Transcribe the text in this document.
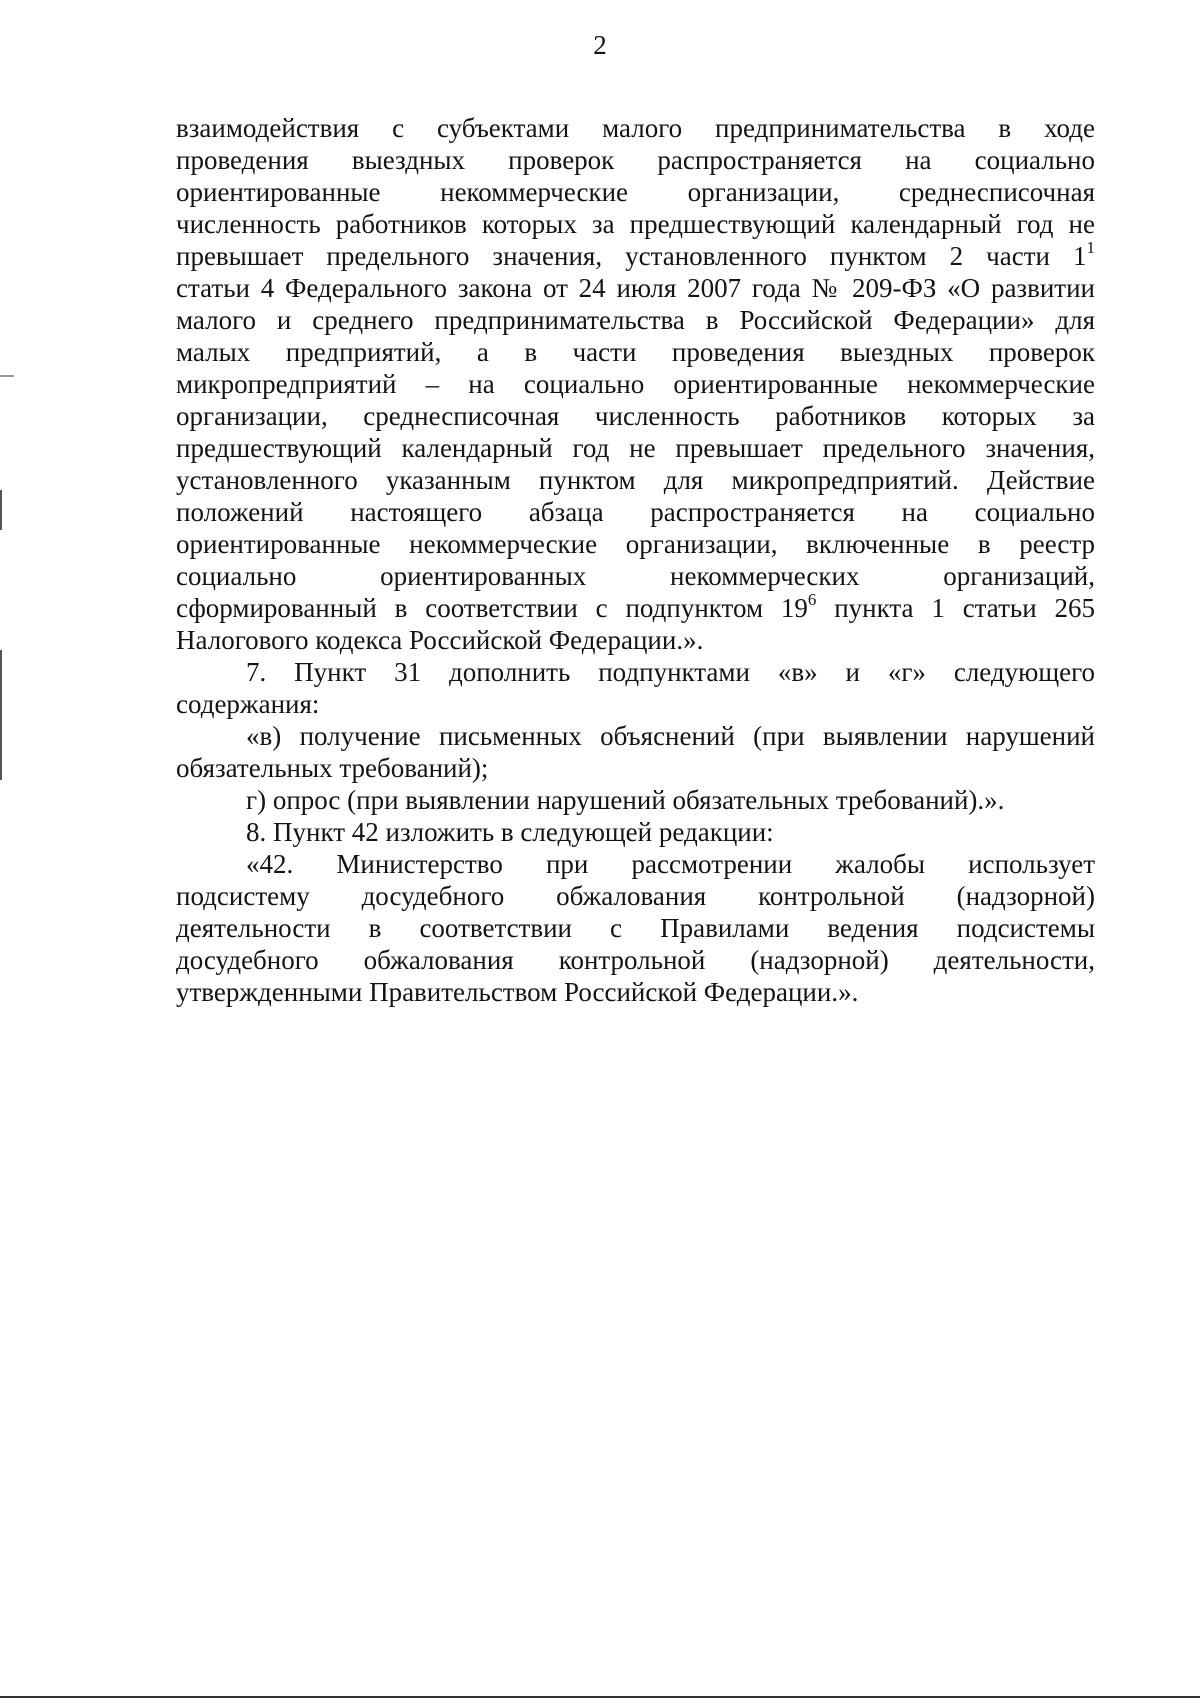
2
взаимодействия с субъектами малого предпринимательства в ходе
проведения выездных проверок распространяется на социально
ориентированные некоммерческие организации, среднесписочная
численность работников которых за предшествующий календарный год не
превышает предельного значения, установленного пунктом 2 части $1^1$
статьи 4 Федерального закона от 24 июля 2007 года № 209-ФЗ «О развитии
малого и среднего предпринимательства в Российской Федерации» для
малых предприятий, а в части проведения выездных проверок
микропредприятий – на социально ориентированные некоммерческие
организации, среднесписочная численность работников которых за
предшествующий календарный год не превышает предельного значения,
установленного указанным пунктом для микропредприятий. Действие
положений настоящего абзаца распространяется на социально
ориентированные некоммерческие организации, включенные в реестр
социально ориентированных некоммерческих организаций,
сформированный в соответствии с подпунктом $19^6$ пункта 1 статьи 265
Налогового кодекса Российской Федерации.».
7. Пункт 31 дополнить подпунктами «в» и «г» следующего
содержания:
«в) получение письменных объяснений (при выявлении нарушений
обязательных требований);
г) опрос (при выявлении нарушений обязательных требований).».
8. Пункт 42 изложить в следующей редакции:
«42. Министерство при рассмотрении жалобы использует
подсистему досудебного обжалования контрольной (надзорной)
деятельности в соответствии с Правилами ведения подсистемы
досудебного обжалования контрольной (надзорной) деятельности,
утвержденными Правительством Российской Федерации.».
